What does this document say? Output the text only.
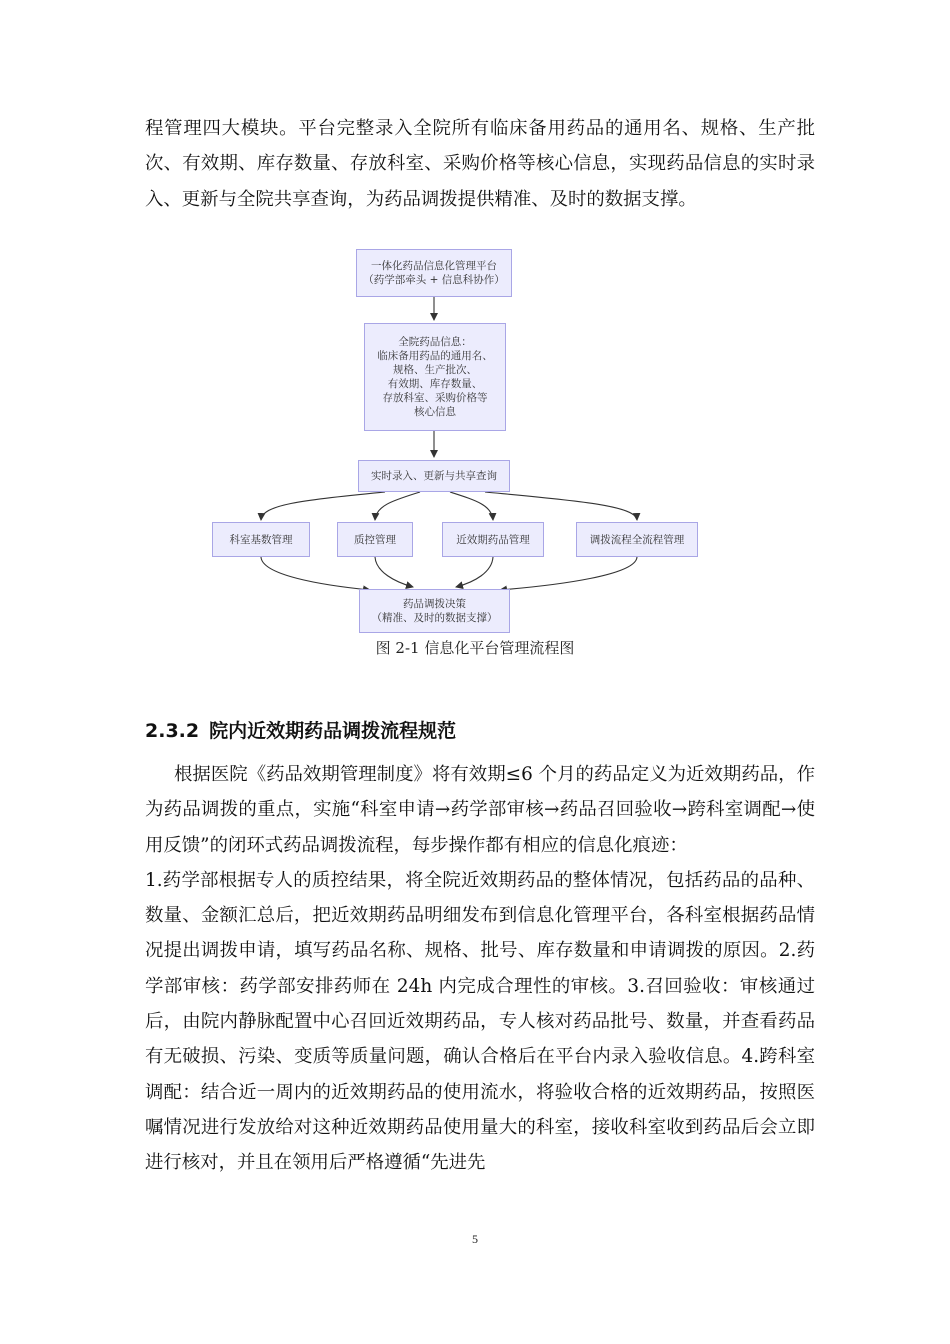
程管理四大模块。平台完整录入全院所有临床备用药品的通用名、规格、生产批次、有效期、库存数量、存放科室、采购价格等核心信息，实现药品信息的实时录入、更新与全院共享查询，为药品调拨提供精准、及时的数据支撑。

一体化药品信息化管理平台
（药学部牵头 + 信息科协作）
全院药品信息：
临床备用药品的通用名、
规格、生产批次、
有效期、库存数量、
存放科室、采购价格等
核心信息
实时录入、更新与共享查询
科室基数管理	质控管理	近效期药品管理	调拨流程全流程管理
药品调拨决策
（精准、及时的数据支撑）
图 2-1 信息化平台管理流程图
2.3.2 院内近效期药品调拨流程规范

根据医院《药品效期管理制度》将有效期≤6 个月的药品定义为近效期药品，作为药品调拨的重点，实施“科室申请→药学部审核→药品召回验收→跨科室调配→使用反馈”的闭环式药品调拨流程，每步操作都有相应的信息化痕迹：
1.药学部根据专人的质控结果，将全院近效期药品的整体情况，包括药品的品种、数量、金额汇总后，把近效期药品明细发布到信息化管理平台，各科室根据药品情况提出调拨申请，填写药品名称、规格、批号、库存数量和申请调拨的原因。2.药学部审核：药学部安排药师在 24h 内完成合理性的审核。3.召回验收：审核通过后，由院内静脉配置中心召回近效期药品，专人核对药品批号、数量，并查看药品有无破损、污染、变质等质量问题，确认合格后在平台内录入验收信息。4.跨科室调配：结合近一周内的近效期药品的使用流水，将验收合格的近效期药品，按照医嘱情况进行发放给对这种近效期药品使用量大的科室，接收科室收到药品后会立即进行核对，并且在领用后严格遵循“先进先

5
